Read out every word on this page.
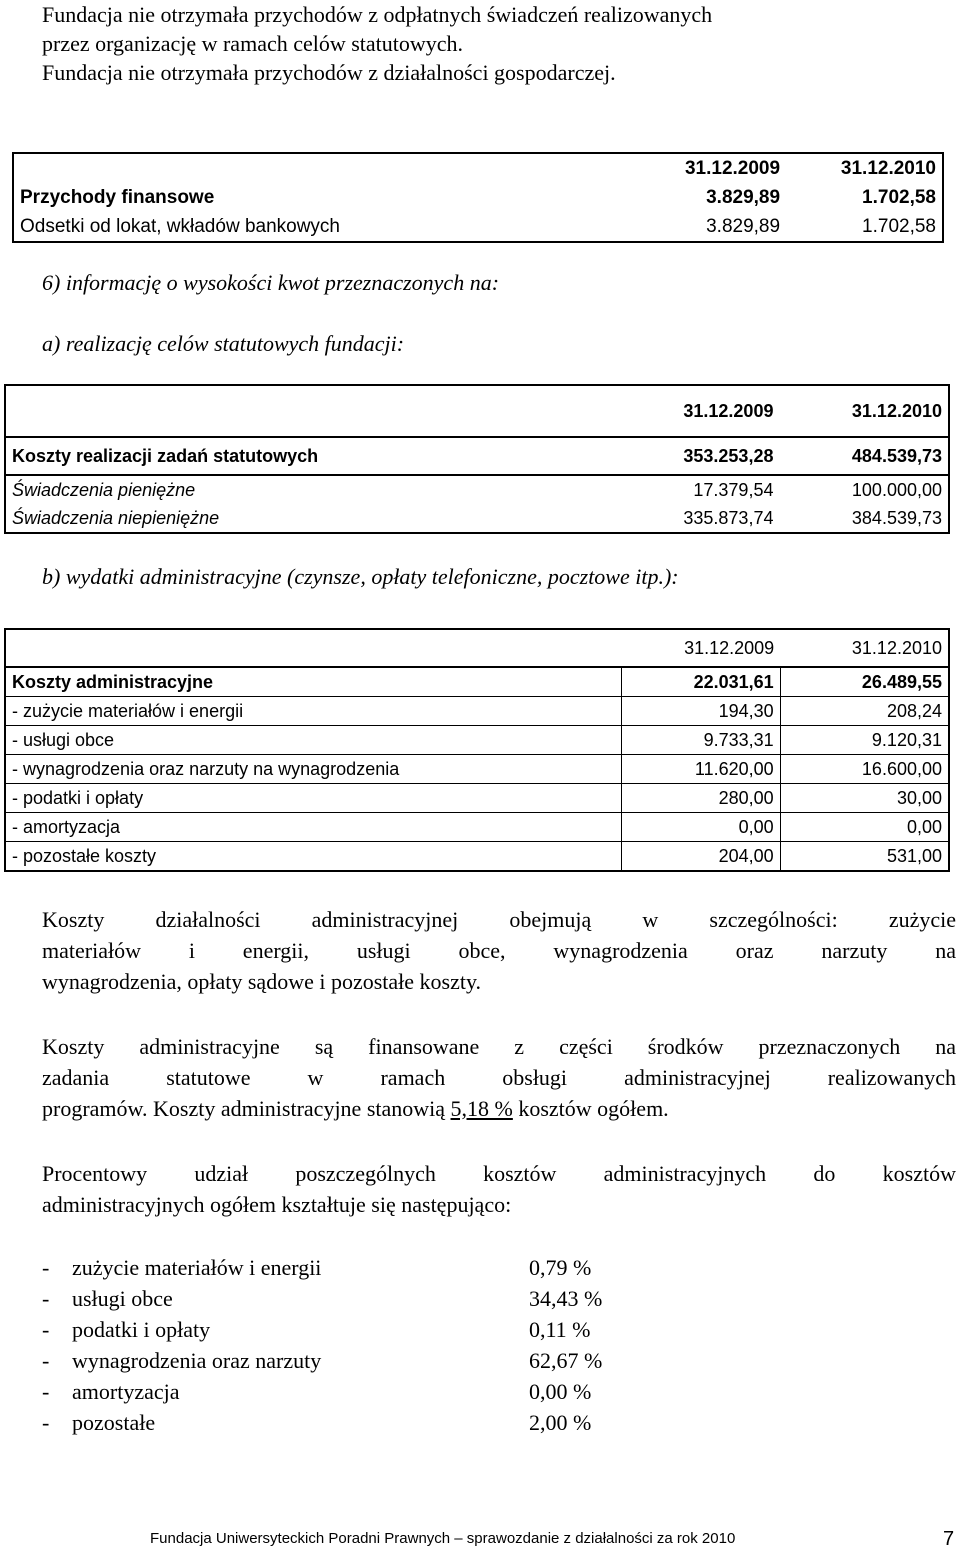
Fundacja nie otrzymała przychodów z odpłatnych świadczeń realizowanych
przez organizację w ramach celów statutowych.
Fundacja nie otrzymała przychodów z działalności gospodarczej.
	31.12.2009	31.12.2010
Przychody finansowe	3.829,89	1.702,58
Odsetki od lokat, wkładów bankowych	3.829,89	1.702,58
6) informację o wysokości kwot przeznaczonych na:
a) realizację celów statutowych fundacji:
	31.12.2009	31.12.2010
Koszty realizacji zadań statutowych	353.253,28	484.539,73
Świadczenia pieniężne	17.379,54	100.000,00
Świadczenia niepieniężne	335.873,74	384.539,73
b) wydatki administracyjne (czynsze, opłaty telefoniczne, pocztowe itp.):
	31.12.2009	31.12.2010
Koszty administracyjne	22.031,61	26.489,55
- zużycie materiałów i energii	194,30	208,24
- usługi obce	9.733,31	9.120,31
- wynagrodzenia oraz narzuty na wynagrodzenia	11.620,00	16.600,00
- podatki i opłaty	280,00	30,00
- amortyzacja	0,00	0,00
- pozostałe koszty	204,00	531,00
Koszty działalności administracyjnej obejmują w szczególności: zużycie
materiałów i energii, usługi obce, wynagrodzenia oraz narzuty na
wynagrodzenia, opłaty sądowe i pozostałe koszty.
Koszty administracyjne są finansowane z części środków przeznaczonych na
zadania statutowe w ramach obsługi administracyjnej realizowanych
programów. Koszty administracyjne stanowią 5,18 % kosztów ogółem.
Procentowy udział poszczególnych kosztów administracyjnych do kosztów
administracyjnych ogółem kształtuje się następująco:
- zużycie materiałów i energii	0,79 %
- usługi obce	34,43 %
- podatki i opłaty	0,11 %
- wynagrodzenia oraz narzuty	62,67 %
- amortyzacja	0,00 %
- pozostałe	2,00 %
Fundacja Uniwersyteckich Poradni Prawnych – sprawozdanie z działalności za rok 2010	7
